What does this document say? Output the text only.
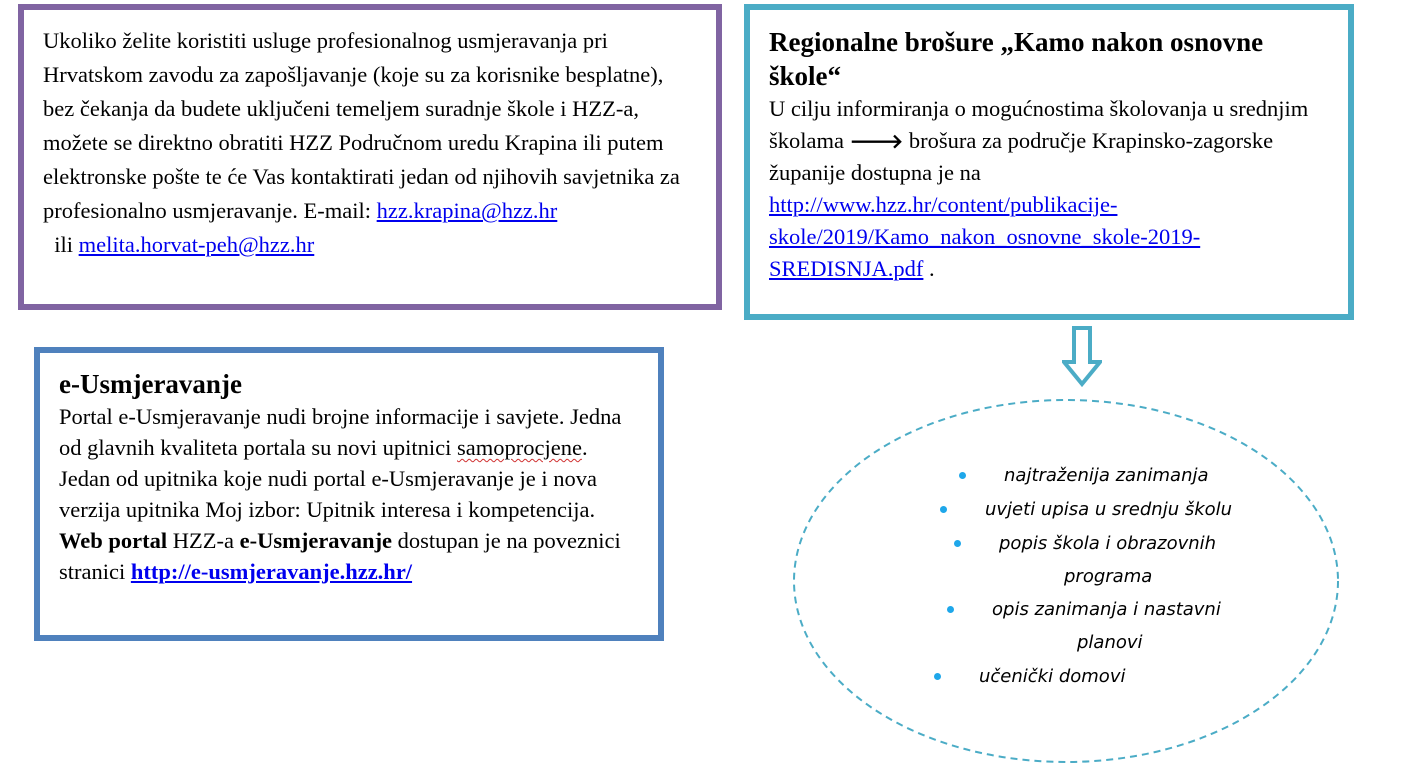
Ukoliko želite koristiti usluge profesionalnog usmjeravanja pri Hrvatskom zavodu za zapošljavanje (koje su za korisnike besplatne), bez čekanja da budete uključeni temeljem suradnje škole i HZZ-a, možete se direktno obratiti HZZ Područnom uredu Krapina ili putem elektronske pošte te će Vas kontaktirati jedan od njihovih savjetnika za profesionalno usmjeravanje. E-mail: hzz.krapina@hzz.hr  ili melita.horvat-peh@hzz.hr
Regionalne brošure „Kamo nakon osnovne škole“
U cilju informiranja o mogućnostima školovanja u srednjim školama 🡒 brošura za područje Krapinsko-zagorske županije dostupna je na http://www.hzz.hr/content/publikacije-
skole/2019/Kamo_nakon_osnovne_skole-2019-
SREDISNJA.pdf .
e-Usmjeravanje
Portal e-Usmjeravanje nudi brojne informacije i savjete. Jedna od glavnih kvaliteta portala su novi upitnici samoprocjene. Jedan od upitnika koje nudi portal e-Usmjeravanje je i nova verzija upitnika Moj izbor: Upitnik interesa i kompetencija.
Web portal HZZ-a e-Usmjeravanje dostupan je na poveznici stranici http://e-usmjeravanje.hzz.hr/
najtraženija zanimanja
uvjeti upisa u srednju školu
popis škola i obrazovnih
programa
opis zanimanja i nastavni
planovi
učenički domovi
